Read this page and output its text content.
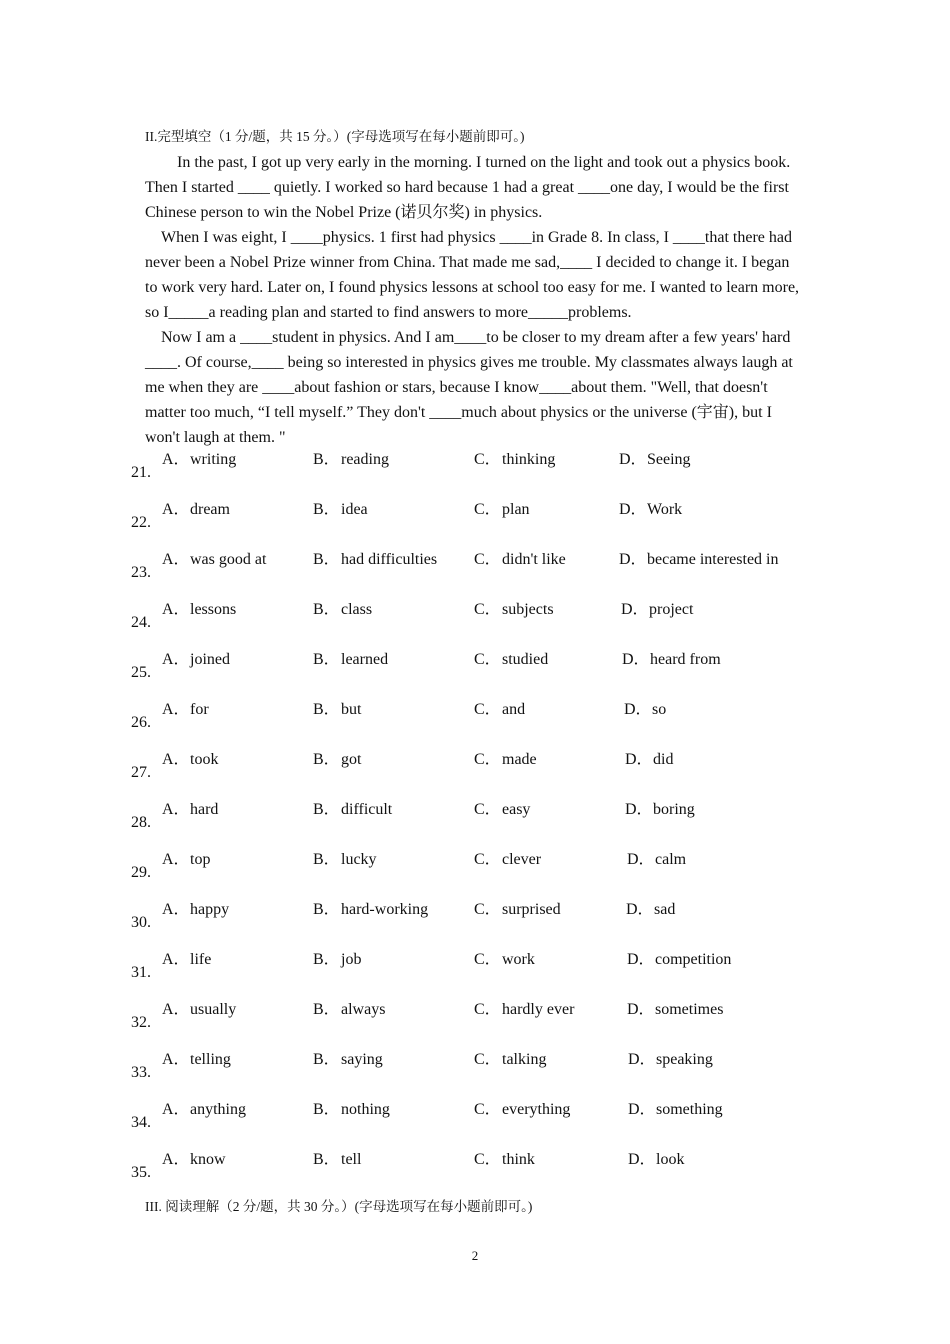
II.完型填空（1 分/题，共 15 分。）(字母选项写在每小题前即可。)

In the past, I got up very early in the morning. I turned on the light and took out a physics book. Then I started ____ quietly. I worked so hard because 1 had a great ____one day, I would be the first Chinese person to win the Nobel Prize (诺贝尔奖) in physics.

When I was eight, I ____physics. 1 first had physics ____in Grade 8. In class, I ____that there had never been a Nobel Prize winner from China. That made me sad,____ I decided to change it. I began to work very hard. Later on, I found physics lessons at school too easy for me. I wanted to learn more, so I_____a reading plan and started to find answers to more_____problems.

Now I am a ____student in physics. And I am____to be closer to my dream after a few years' hard ____. Of course,____ being so interested in physics gives me trouble. My classmates always laugh at me when they are ____about fashion or stars, because I know____about them. "Well, that doesn't matter too much, “I tell myself.” They don't ____much about physics or the universe (宇宙), but I won't laugh at them. "

21.
A．writing	B．reading	C．thinking	D．Seeing
22.
A．dream	B．idea	C．plan	D．Work
23.
A．was good at	B．had difficulties C．didn't like	D．became interested in
24.
A．lessons	B．class	C．subjects	D．project
25.
A．joined	B．learned	C．studied	D．heard from
26.
A．for	B．but	C．and	D．so
27.
A．took	B．got	C．made	D．did
28.
A．hard	B．difficult	C．easy	D．boring
29.
A．top	B．lucky	C．clever	D．calm
30.
A．happy	B．hard-working	C．surprised	D．sad
31.
A．life	B．job	C．work	D．competition
32.
A．usually	B．always	C．hardly ever	D．sometimes
33.
A．telling	B．saying	C．talking	D．speaking
34.
A．anything	B．nothing	C．everything	D．something
35.
A．know	B．tell	C．think	D．look
III. 阅读理解（2 分/题，共 30 分。）(字母选项写在每小题前即可。)
2
